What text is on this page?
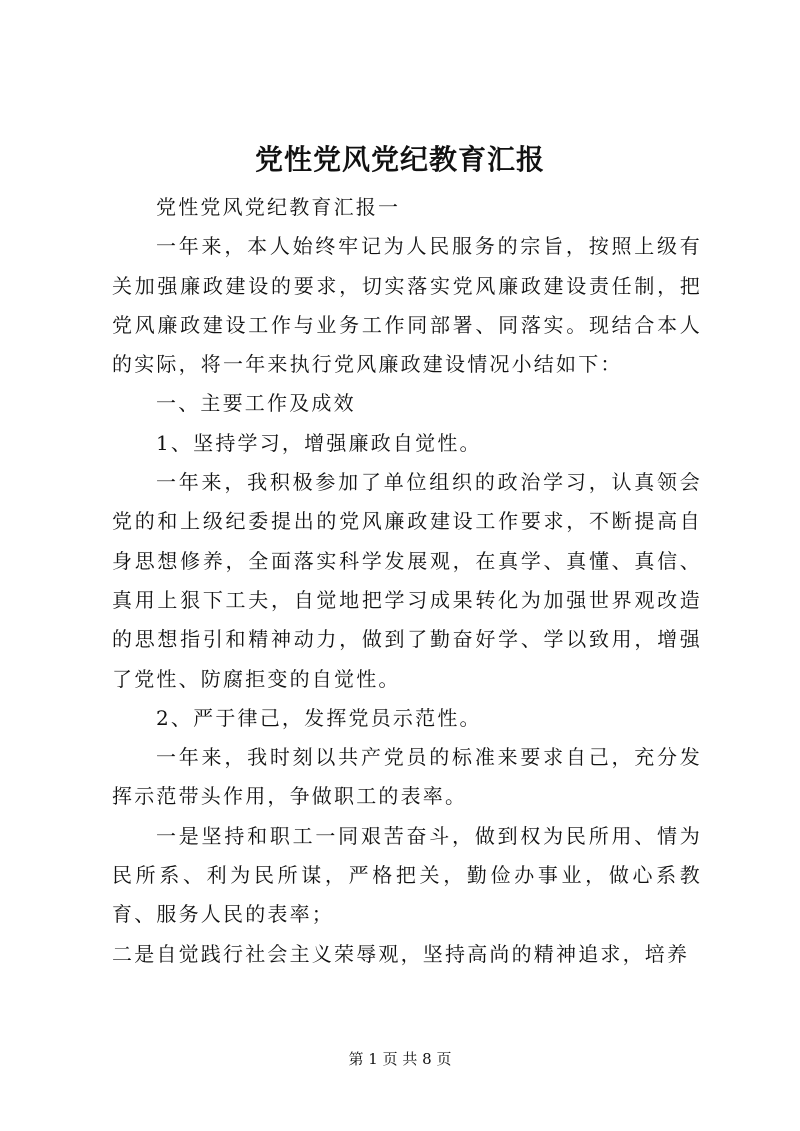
党性党风党纪教育汇报

党性党风党纪教育汇报一

一年来，本人始终牢记为人民服务的宗旨，按照上级有关加强廉政建设的要求，切实落实党风廉政建设责任制，把党风廉政建设工作与业务工作同部署、同落实。现结合本人的实际，将一年来执行党风廉政建设情况小结如下：

一、主要工作及成效

1、坚持学习，增强廉政自觉性。

一年来，我积极参加了单位组织的政治学习，认真领会党的和上级纪委提出的党风廉政建设工作要求，不断提高自身思想修养，全面落实科学发展观，在真学、真懂、真信、真用上狠下工夫，自觉地把学习成果转化为加强世界观改造的思想指引和精神动力，做到了勤奋好学、学以致用，增强了党性、防腐拒变的自觉性。

2、严于律己，发挥党员示范性。

一年来，我时刻以共产党员的标准来要求自己，充分发挥示范带头作用，争做职工的表率。

一是坚持和职工一同艰苦奋斗，做到权为民所用、情为民所系、利为民所谋，严格把关，勤俭办事业，做心系教育、服务人民的表率；

二是自觉践行社会主义荣辱观，坚持高尚的精神追求，培养

第 1 页 共 8 页
